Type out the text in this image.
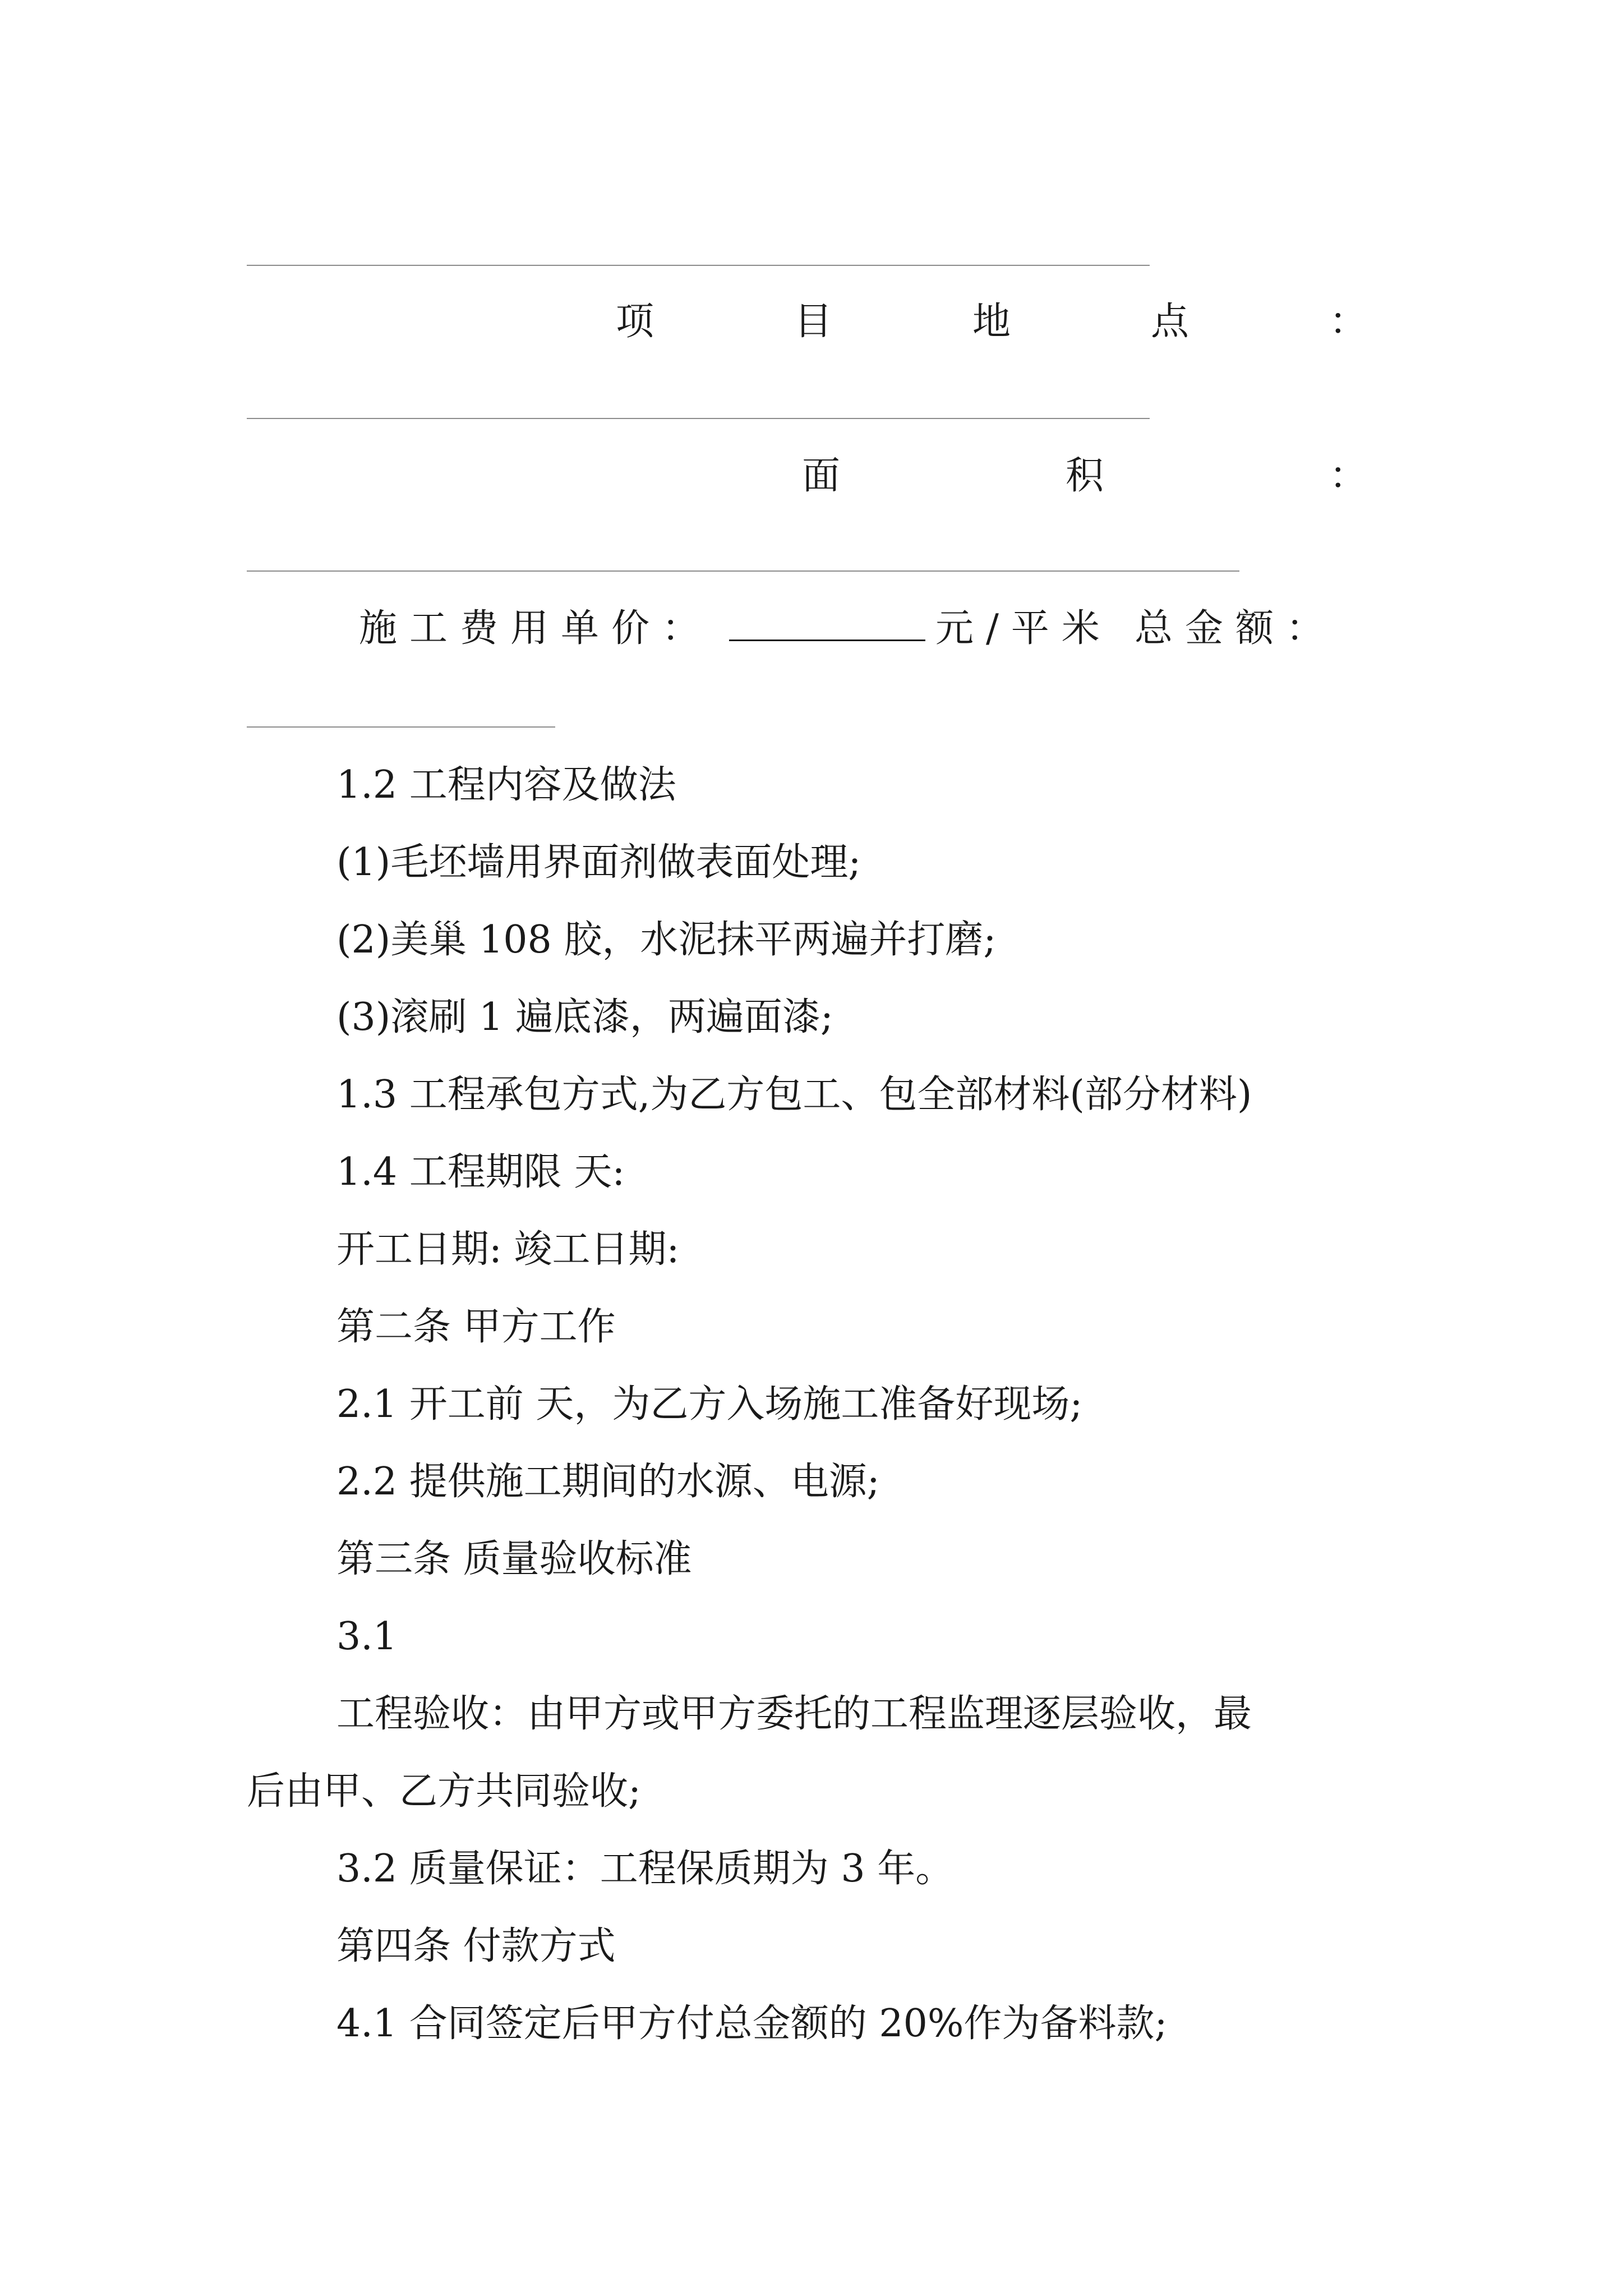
项	目	地	点	：
面	积	：
施工费用单价：	元/平米 总金额：
1.2 工程内容及做法
(1)毛坯墙用界面剂做表面处理;
(2)美巢 108 胶，水泥抹平两遍并打磨;
(3)滚刷 1 遍底漆，两遍面漆;
1.3 工程承包方式,为乙方包工、包全部材料(部分材料)
1.4 工程期限 天:
开工日期: 竣工日期:
第二条 甲方工作
2.1 开工前 天，为乙方入场施工准备好现场;
2.2 提供施工期间的水源、电源;
第三条 质量验收标准
3.1
工程验收：由甲方或甲方委托的工程监理逐层验收，最
后由甲、乙方共同验收;
3.2 质量保证：工程保质期为 3 年。
第四条 付款方式
4.1 合同签定后甲方付总金额的 20%作为备料款;
